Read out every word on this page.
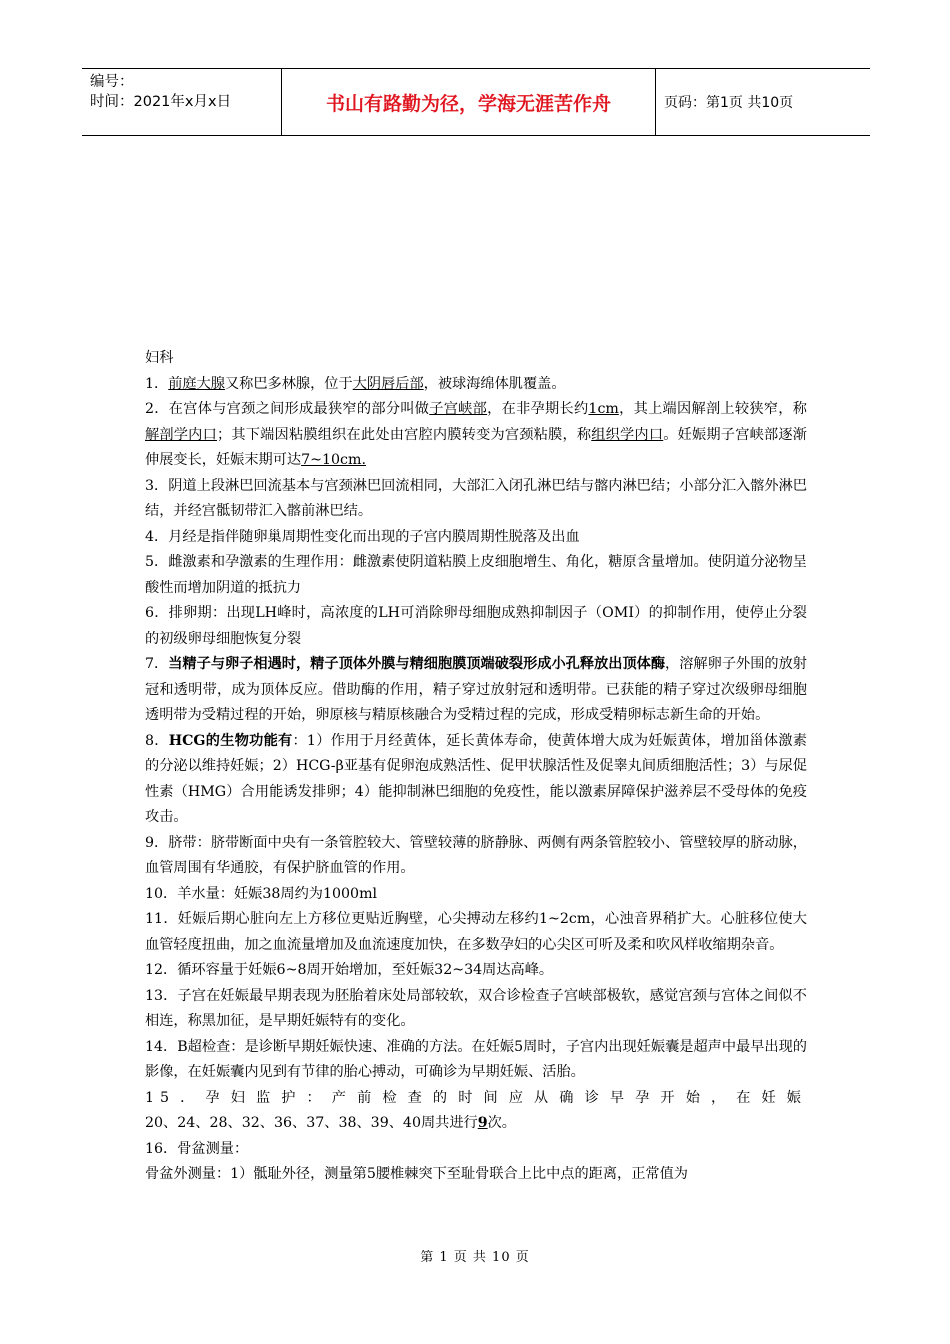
编号：
时间：2021年x月x日	书山有路勤为径，学海无涯苦作舟	页码：第1页 共10页

妇科

1．前庭大腺又称巴多林腺，位于大阴唇后部，被球海绵体肌覆盖。

2．在宫体与宫颈之间形成最狭窄的部分叫做子宫峡部，在非孕期长约1cm，其上端因解剖上较狭窄，称解剖学内口；其下端因粘膜组织在此处由宫腔内膜转变为宫颈粘膜，称组织学内口。妊娠期子宫峡部逐渐伸展变长，妊娠末期可达7~10cm.

3．阴道上段淋巴回流基本与宫颈淋巴回流相同，大部汇入闭孔淋巴结与髂内淋巴结；小部分汇入髂外淋巴结，并经宫骶韧带汇入髂前淋巴结。

4．月经是指伴随卵巢周期性变化而出现的子宫内膜周期性脱落及出血

5．雌激素和孕激素的生理作用：雌激素使阴道粘膜上皮细胞增生、角化，糖原含量增加。使阴道分泌物呈酸性而增加阴道的抵抗力

6．排卵期：出现LH峰时，高浓度的LH可消除卵母细胞成熟抑制因子（OMI）的抑制作用，使停止分裂的初级卵母细胞恢复分裂

7．当精子与卵子相遇时，精子顶体外膜与精细胞膜顶端破裂形成小孔释放出顶体酶，溶解卵子外围的放射冠和透明带，成为顶体反应。借助酶的作用，精子穿过放射冠和透明带。已获能的精子穿过次级卵母细胞透明带为受精过程的开始，卵原核与精原核融合为受精过程的完成，形成受精卵标志新生命的开始。

8．HCG的生物功能有：1）作用于月经黄体，延长黄体寿命，使黄体增大成为妊娠黄体，增加甾体激素的分泌以维持妊娠；2）HCG-β亚基有促卵泡成熟活性、促甲状腺活性及促睾丸间质细胞活性；3）与尿促性素（HMG）合用能诱发排卵；4）能抑制淋巴细胞的免疫性，能以激素屏障保护滋养层不受母体的免疫攻击。

9．脐带：脐带断面中央有一条管腔较大、管壁较薄的脐静脉、两侧有两条管腔较小、管壁较厚的脐动脉，血管周围有华通胶，有保护脐血管的作用。

10．羊水量：妊娠38周约为1000ml

11．妊娠后期心脏向左上方移位更贴近胸壁，心尖搏动左移约1~2cm，心浊音界稍扩大。心脏移位使大血管轻度扭曲，加之血流量增加及血流速度加快，在多数孕妇的心尖区可听及柔和吹风样收缩期杂音。

12．循环容量于妊娠6~8周开始增加，至妊娠32~34周达高峰。

13．子宫在妊娠最早期表现为胚胎着床处局部较软，双合诊检查子宫峡部极软，感觉宫颈与宫体之间似不相连，称黑加征，是早期妊娠特有的变化。

14．B超检查：是诊断早期妊娠快速、准确的方法。在妊娠5周时，子宫内出现妊娠囊是超声中最早出现的影像，在妊娠囊内见到有节律的胎心搏动，可确诊为早期妊娠、活胎。

15．孕妇监护：产前检查的时间应从确诊早孕开始，在妊娠

20、24、28、32、36、37、38、39、40周共进行9次。

16．骨盆测量：

骨盆外测量：1）骶耻外径，测量第5腰椎棘突下至耻骨联合上比中点的距离，正常值为

第 1 页 共 10 页
